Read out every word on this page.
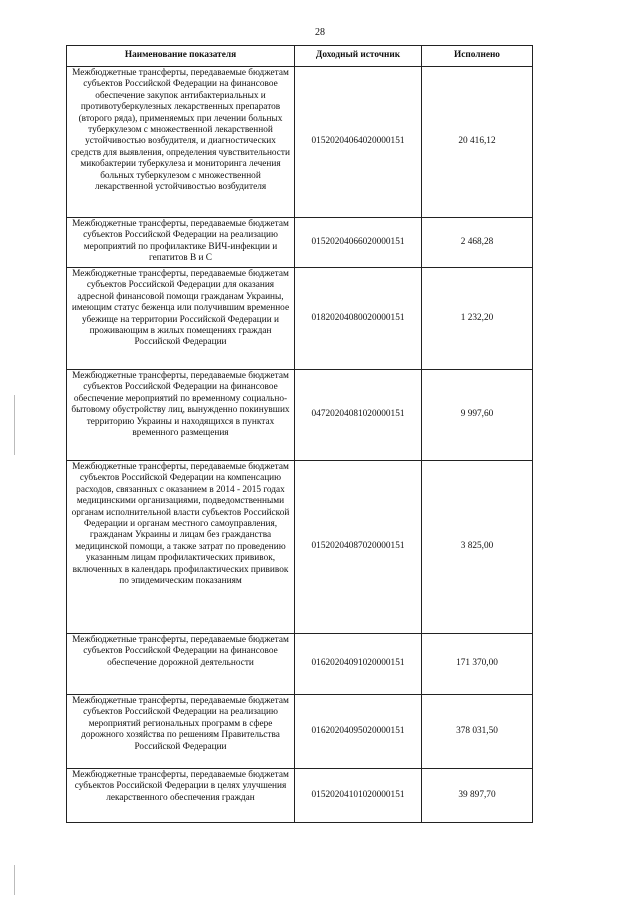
28
Наименование показателя	Доходный источник	Исполнено
Межбюджетные трансферты, передаваемые бюджетам субъектов Российской Федерации на финансовое обеспечение закупок антибактериальных и противотуберкулезных лекарственных препаратов (второго ряда), применяемых при лечении больных туберкулезом с множественной лекарственной устойчивостью возбудителя, и диагностических средств для выявления, определения чувствительности микобактерии туберкулеза и мониторинга лечения больных туберкулезом с множественной лекарственной устойчивостью возбудителя	01520204064020000151	20 416,12
Межбюджетные трансферты, передаваемые бюджетам субъектов Российской Федерации на реализацию мероприятий по профилактике ВИЧ-инфекции и гепатитов В и С	01520204066020000151	2 468,28
Межбюджетные трансферты, передаваемые бюджетам субъектов Российской Федерации для оказания адресной финансовой помощи гражданам Украины, имеющим статус беженца или получившим временное убежище на территории Российской Федерации и проживающим в жилых помещениях граждан Российской Федерации	01820204080020000151	1 232,20
Межбюджетные трансферты, передаваемые бюджетам субъектов Российской Федерации на финансовое обеспечение мероприятий по временному социально-бытовому обустройству лиц, вынужденно покинувших территорию Украины и находящихся в пунктах временного размещения	04720204081020000151	9 997,60
Межбюджетные трансферты, передаваемые бюджетам субъектов Российской Федерации на компенсацию расходов, связанных с оказанием в 2014 - 2015 годах медицинскими организациями, подведомственными органам исполнительной власти субъектов Российской Федерации и органам местного самоуправления, гражданам Украины и лицам без гражданства медицинской помощи, а также затрат по проведению указанным лицам профилактических прививок, включенных в календарь профилактических прививок по эпидемическим показаниям	01520204087020000151	3 825,00
Межбюджетные трансферты, передаваемые бюджетам субъектов Российской Федерации на финансовое обеспечение дорожной деятельности	01620204091020000151	171 370,00
Межбюджетные трансферты, передаваемые бюджетам субъектов Российской Федерации на реализацию мероприятий региональных программ в сфере дорожного хозяйства по решениям Правительства Российской Федерации	01620204095020000151	378 031,50
Межбюджетные трансферты, передаваемые бюджетам субъектов Российской Федерации в целях улучшения лекарственного обеспечения граждан	01520204101020000151	39 897,70
